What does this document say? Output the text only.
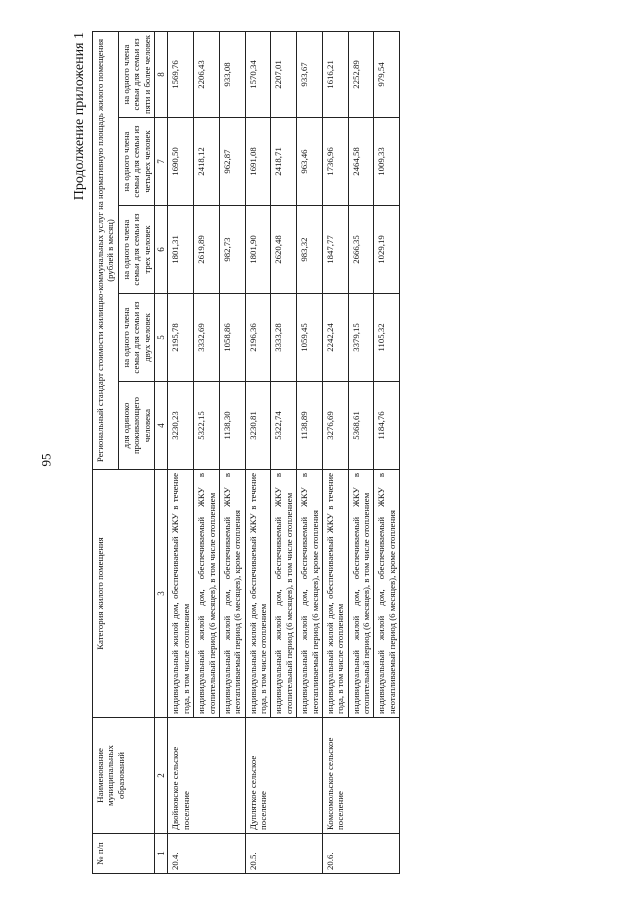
95
Продолжение приложения 1
№ п/п	Наименование муниципальных образований	Категория жилого помещения	Региональный стандарт стоимости жилищно-коммунальных услуг на нормативную площадь жилого помещения (рублей в месяц)				
			для одиноко проживающего человека	на одного члена семьи для семьи из двух человек	на одного члена семьи для семьи из трех человек	на одного члена семьи для семьи из четырех человек	на одного члена семьи для семьи из пяти и более человек
1	2	3	4	5	6	7	8
20.4.	Двойновское сельское поселение	индивидуальный жилой дом, обеспечиваемый ЖКУ в течение года, в том числе отоплением	3230,23	2195,78	1801,31	1690,50	1569,76
		индивидуальный жилой дом, обеспечиваемый ЖКУ в отопительный период (6 месяцев), в том числе отоплением	5322,15	3332,69	2619,89	2418,12	2206,43
		индивидуальный жилой дом, обеспечиваемый ЖКУ в неотапливаемый период (6 месяцев), кроме отопления	1138,30	1058,86	982,73	962,87	933,08
20.5.	Дупляткое сельское поселение	индивидуальный жилой дом, обеспечиваемый ЖКУ в течение года, в том числе отоплением	3230,81	2196,36	1801,90	1691,08	1570,34
		индивидуальный жилой дом, обеспечиваемый ЖКУ в отопительный период (6 месяцев), в том числе отоплением	5322,74	3333,28	2620,48	2418,71	2207,01
		индивидуальный жилой дом, обеспечиваемый ЖКУ в неотапливаемый период (6 месяцев), кроме отопления	1138,89	1059,45	983,32	963,46	933,67
20.6.	Комсомольское сельское поселение	индивидуальный жилой дом, обеспечиваемый ЖКУ в течение года, в том числе отоплением	3276,69	2242,24	1847,77	1736,96	1616,21
		индивидуальный жилой дом, обеспечиваемый ЖКУ в отопительный период (6 месяцев), в том числе отоплением	5368,61	3379,15	2666,35	2464,58	2252,89
		индивидуальный жилой дом, обеспечиваемый ЖКУ в неотапливаемый период (6 месяцев), кроме отопления	1184,76	1105,32	1029,19	1009,33	979,54
